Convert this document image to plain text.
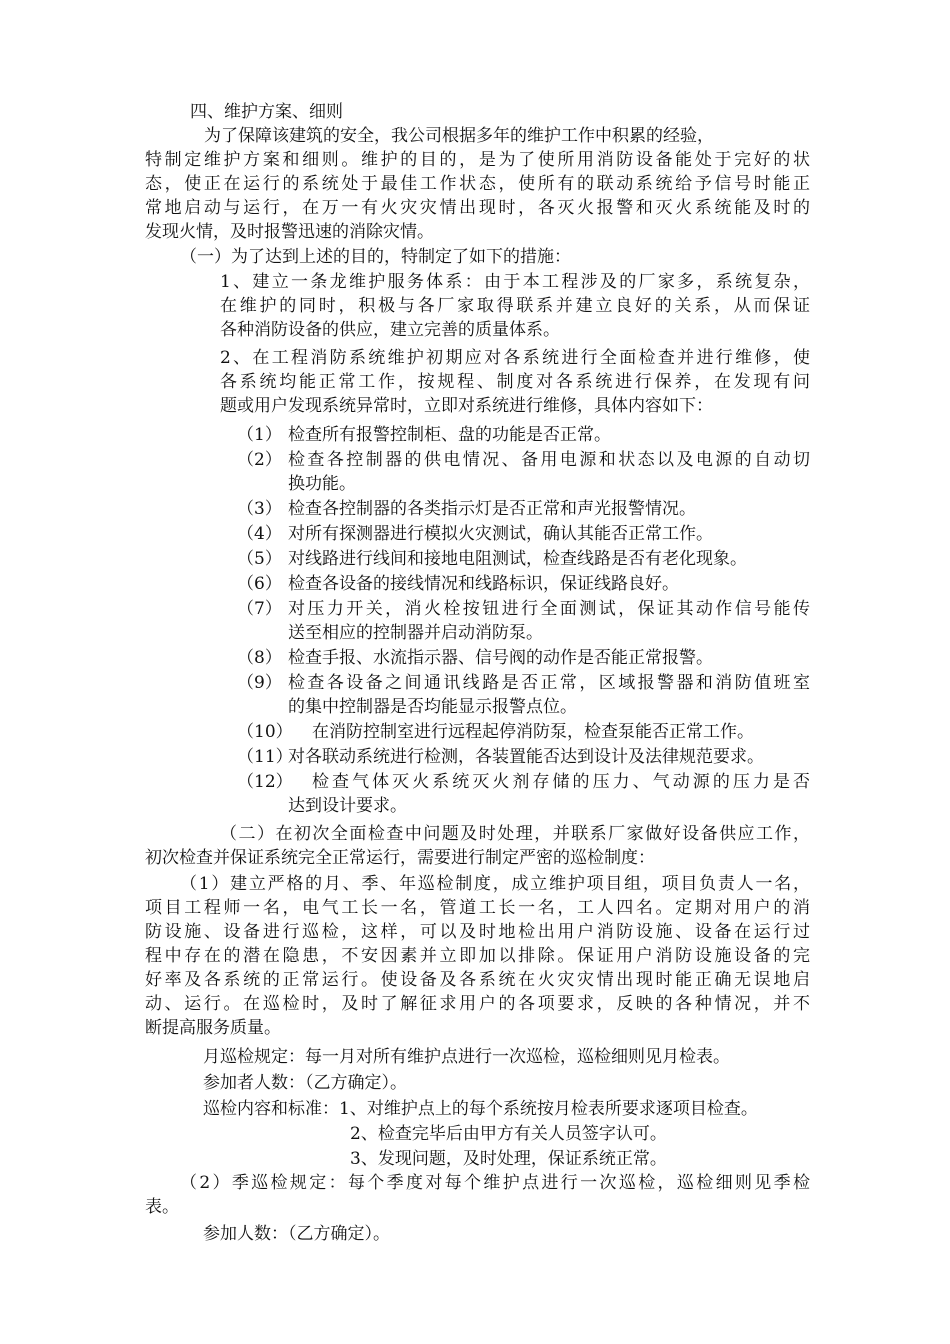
四、维护方案、细则
为了保障该建筑的安全，我公司根据多年的维护工作中积累的经验，
特制定维护方案和细则。维护的目的，是为了使所用消防设备能处于完好的状
态，使正在运行的系统处于最佳工作状态，使所有的联动系统给予信号时能正
常地启动与运行，在万一有火灾灾情出现时，各灭火报警和灭火系统能及时的
发现火情，及时报警迅速的消除灾情。
（一）为了达到上述的目的，特制定了如下的措施：
1、建立一条龙维护服务体系：由于本工程涉及的厂家多，系统复杂，
在维护的同时，积极与各厂家取得联系并建立良好的关系，从而保证
各种消防设备的供应，建立完善的质量体系。
2、在工程消防系统维护初期应对各系统进行全面检查并进行维修，使
各系统均能正常工作，按规程、制度对各系统进行保养，在发现有问
题或用户发现系统异常时，立即对系统进行维修，具体内容如下：
（1） 检查所有报警控制柜、盘的功能是否正常。
（2） 检查各控制器的供电情况、备用电源和状态以及电源的自动切
换功能。
（3） 检查各控制器的各类指示灯是否正常和声光报警情况。
（4） 对所有探测器进行模拟火灾测试，确认其能否正常工作。
（5） 对线路进行线间和接地电阻测试，检查线路是否有老化现象。
（6） 检查各设备的接线情况和线路标识，保证线路良好。
（7） 对压力开关，消火栓按钮进行全面测试，保证其动作信号能传
送至相应的控制器并启动消防泵。
（8） 检查手报、水流指示器、信号阀的动作是否能正常报警。
（9） 检查各设备之间通讯线路是否正常，区域报警器和消防值班室
的集中控制器是否均能显示报警点位。
（10） 在消防控制室进行远程起停消防泵，检查泵能否正常工作。
（11）
对各联动系统进行检测，各装置能否达到设计及法律规范要求。
（12） 检查气体灭火系统灭火剂存储的压力、气动源的压力是否
达到设计要求。
（二）在初次全面检查中问题及时处理，并联系厂家做好设备供应工作，
初次检查并保证系统完全正常运行，需要进行制定严密的巡检制度：
（1）建立严格的月、季、年巡检制度，成立维护项目组，项目负责人一名，
项目工程师一名，电气工长一名，管道工长一名，工人四名。定期对用户的消
防设施、设备进行巡检，这样，可以及时地检出用户消防设施、设备在运行过
程中存在的潜在隐患，不安因素并立即加以排除。保证用户消防设施设备的完
好率及各系统的正常运行。使设备及各系统在火灾灾情出现时能正确无误地启
动、运行。在巡检时，及时了解征求用户的各项要求，反映的各种情况，并不
断提高服务质量。
月巡检规定：每一月对所有维护点进行一次巡检，巡检细则见月检表。
参加者人数：（乙方确定）。
巡检内容和标准：1、对维护点上的每个系统按月检表所要求逐项目检查。
2、检查完毕后由甲方有关人员签字认可。
3、发现问题，及时处理，保证系统正常。
（2）季巡检规定：每个季度对每个维护点进行一次巡检，巡检细则见季检
表。
参加人数：（乙方确定）。
